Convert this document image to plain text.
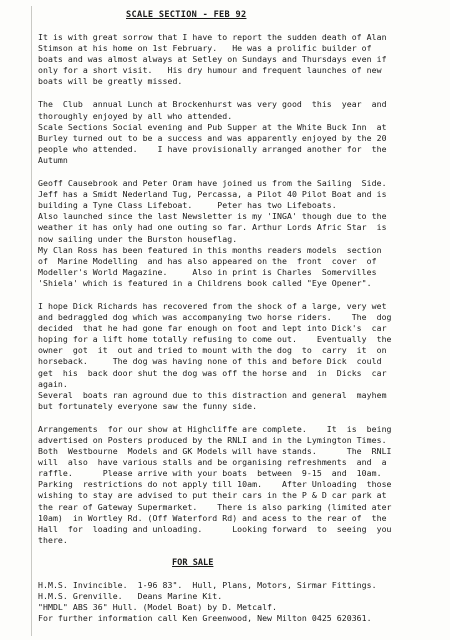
SCALE SECTION - FEB 92
It is with great sorrow that I have to report the sudden death of Alan
Stimson at his home on 1st February.   He was a prolific builder of
boats and was almost always at Setley on Sundays and Thursdays even if
only for a short visit.   His dry humour and frequent launches of new
boats will be greatly missed.
The  Club  annual Lunch at Brockenhurst was very good  this  year  and
thoroughly enjoyed by all who attended.
Scale Sections Social evening and Pub Supper at the White Buck Inn  at
Burley turned out to be a success and was apparently enjoyed by the 20
people who attended.    I have provisionally arranged another for  the
Autumn
Geoff Causebrook and Peter Oram have joined us from the Sailing  Side.
Jeff has a Smidt Nederland Tug, Percassa, a Pilot 40 Pilot Boat and is
building a Tyne Class Lifeboat.     Peter has two Lifeboats.
Also launched since the last Newsletter is my 'INGA' though due to the
weather it has only had one outing so far. Arthur Lords Afric Star  is
now sailing under the Burston houseflag.
My Clan Ross has been featured in this months readers models  section
of  Marine Modelling  and has also appeared on the  front  cover  of
Modeller's World Magazine.     Also in print is Charles  Somervilles
'Shiela' which is featured in a Childrens book called "Eye Opener".
I hope Dick Richards has recovered from the shock of a large, very wet
and bedraggled dog which was accompanying two horse riders.    The  dog
decided  that he had gone far enough on foot and lept into Dick's  car
hoping for a lift home totally refusing to come out.    Eventually  the
owner  got  it  out and tried to mount with the dog  to  carry  it  on
horseback.     The dog was having none of this and before Dick  could
get  his  back door shut the dog was off the horse and  in  Dicks  car
again.
Several  boats ran aground due to this distraction and general  mayhem
but fortunately everyone saw the funny side.
Arrangements  for our show at Highcliffe are complete.    It  is  being
advertised on Posters produced by the RNLI and in the Lymington Times.
Both  Westbourne  Models and GK Models will have stands.      The  RNLI
will  also  have various stalls and be organising refreshments  and  a
raffle.      Please arrive with your boats  between  9-15  and  10am.
Parking  restrictions do not apply till 10am.    After Unloading  those
wishing to stay are advised to put their cars in the P & D car park at
the rear of Gateway Supermarket.    There is also parking (limited ater
10am)  in Wortley Rd. (Off Waterford Rd) and acess to the rear of  the
Hall  for  loading and unloading.      Looking forward  to  seeing  you
there.
FOR SALE
H.M.S. Invincible.  1-96 83".  Hull, Plans, Motors, Sirmar Fittings.
H.M.S. Grenville.   Deans Marine Kit.
"HMDL" ABS 36" Hull. (Model Boat) by D. Metcalf.
For further information call Ken Greenwood, New Milton 0425 620361.
